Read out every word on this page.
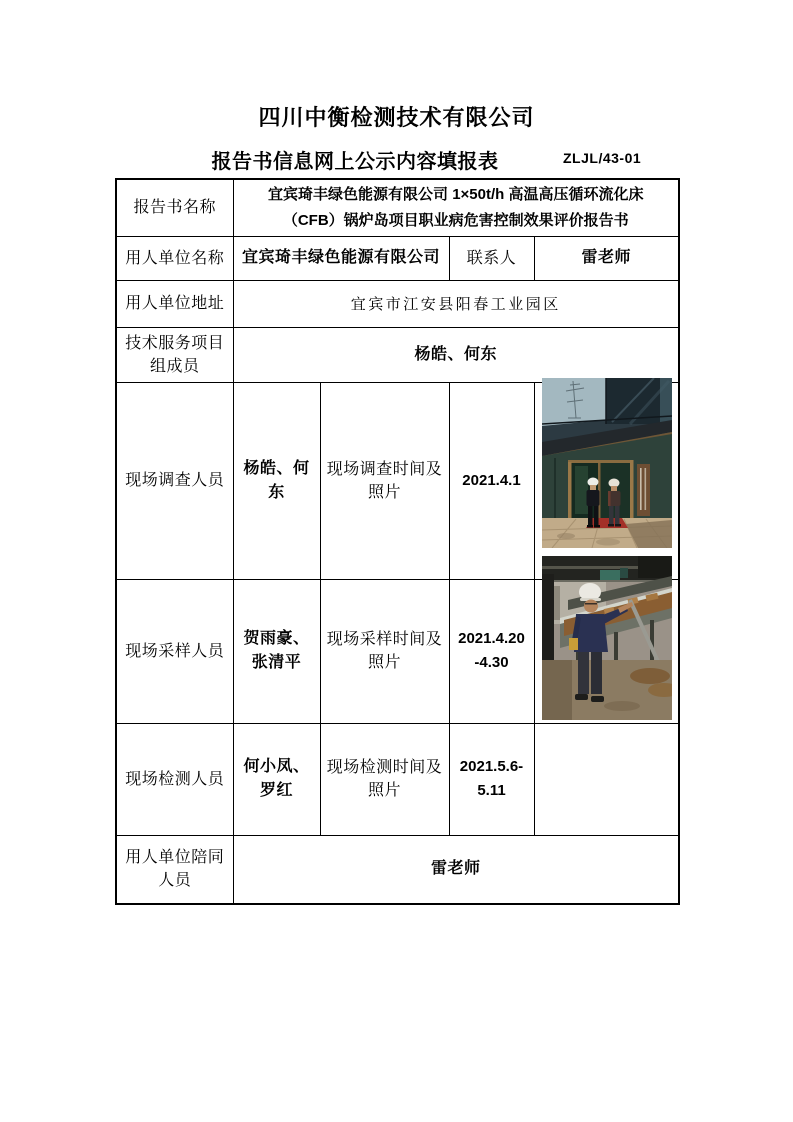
四川中衡检测技术有限公司
报告书信息网上公示内容填报表	ZLJL/43-01
报告书名称	宜宾琦丰绿色能源有限公司 1×50t/h 高温高压循环流化床
（CFB）锅炉岛项目职业病危害控制效果评价报告书			

用人单位名称	宜宾琦丰绿色能源有限公司		联系人	雷老师
用人单位地址	宜宾市江安县阳春工业园区			
技术服务项目组成员	杨皓、何东			
现场调查人员	杨皓、何东	现场调查时间及照片	2021.4.1	

现场采样人员	贺雨豪、张清平	现场采样时间及照片	2021.4.20
-4.30	

现场检测人员	何小凤、罗红	现场检测时间及照片	2021.5.6-
5.11	

用人单位陪同人员	雷老师			
